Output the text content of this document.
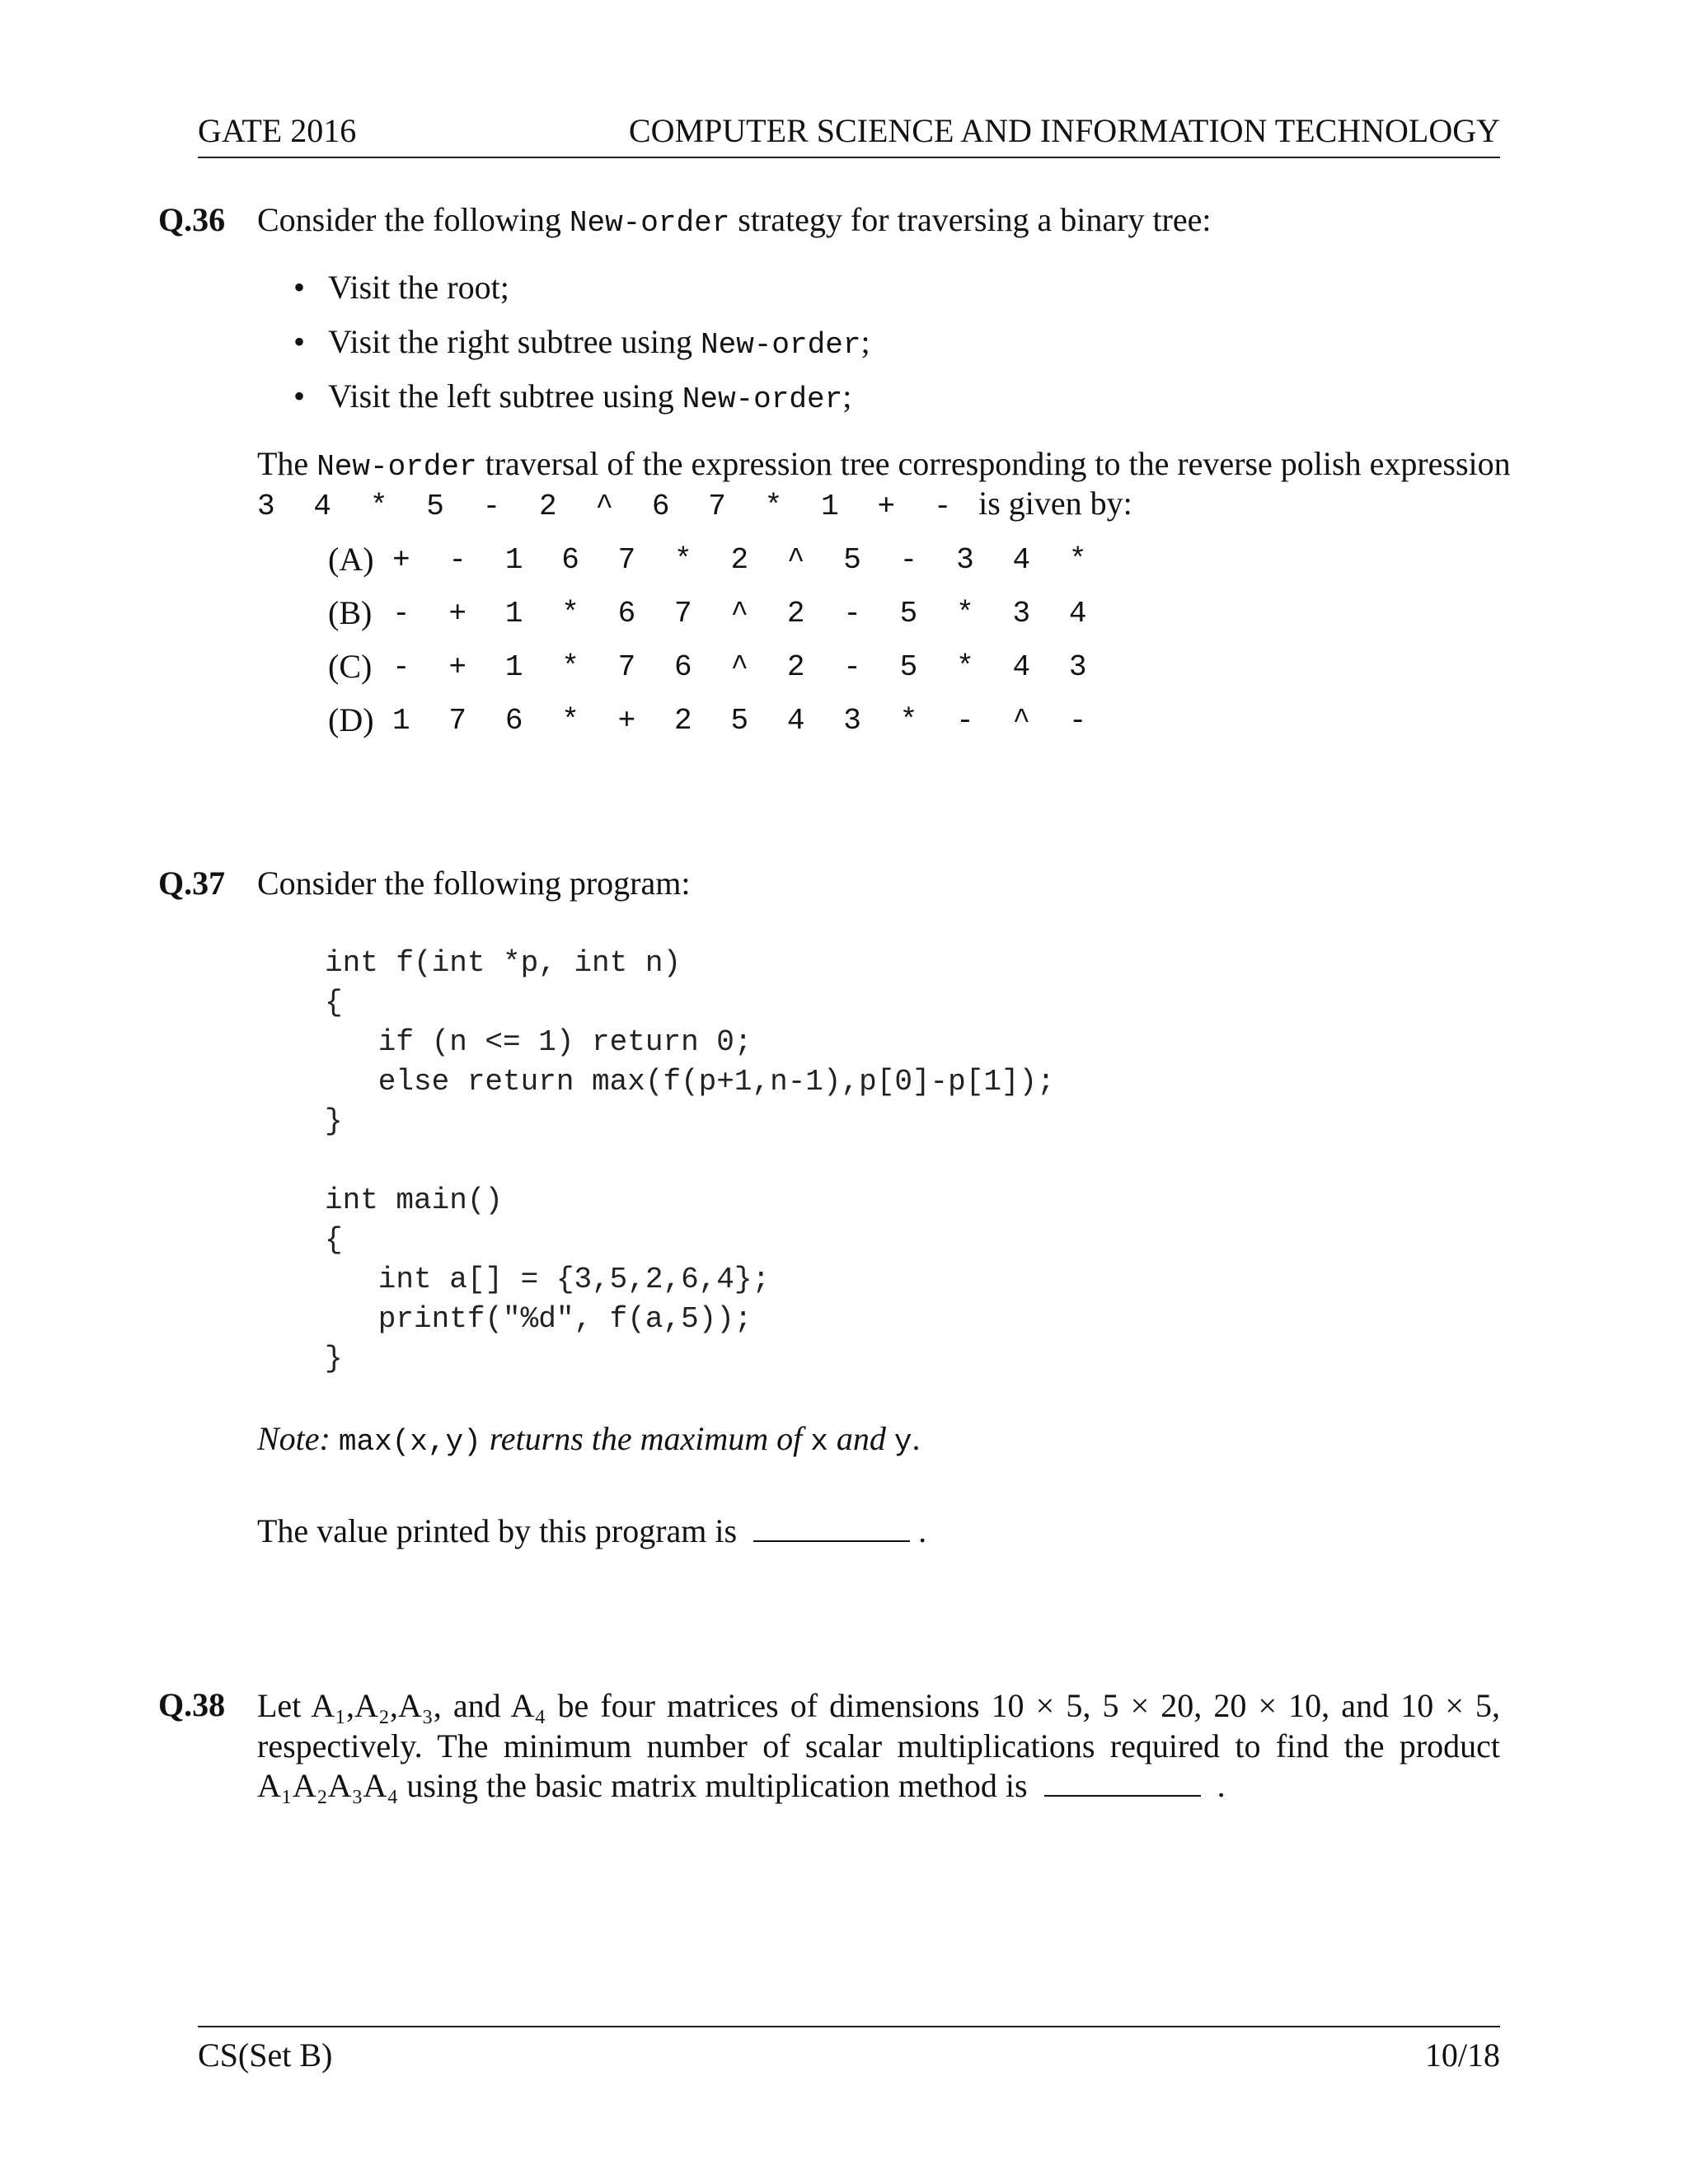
GATE 2016	COMPUTER SCIENCE AND INFORMATION TECHNOLOGY
Q.36 Consider the following New-order strategy for traversing a binary tree:
• Visit the root;
• Visit the right subtree using New-order;
• Visit the left subtree using New-order;
The New-order traversal of the expression tree corresponding to the reverse polish expression
3 4 * 5 - 2 ^ 6 7 * 1 + - is given by:
(A) + - 1 6 7 * 2 ^ 5 - 3 4 *
(B) - + 1 * 6 7 ^ 2 - 5 * 3 4
(C) - + 1 * 7 6 ^ 2 - 5 * 4 3
(D) 1 7 6 * + 2 5 4 3 * - ^ -
Q.37 Consider the following program:
int f(int *p, int n)
{
if (n <= 1) return 0;
else return max(f(p+1,n-1),p[0]-p[1]);
}
int main()
{
int a[] = {3,5,2,6,4};
printf("%d", f(a,5));
}
Note: max(x,y) returns the maximum of x and y.
The value printed by this program is	.
Q.38 Let A₁,A₂,A₃, and A₄ be four matrices of dimensions 10 × 5, 5 × 20, 20 × 10, and 10 × 5,
respectively. The minimum number of scalar multiplications required to find the product
A₁A₂A₃A₄ using the basic matrix multiplication method is	.
CS(Set B)	10/18
